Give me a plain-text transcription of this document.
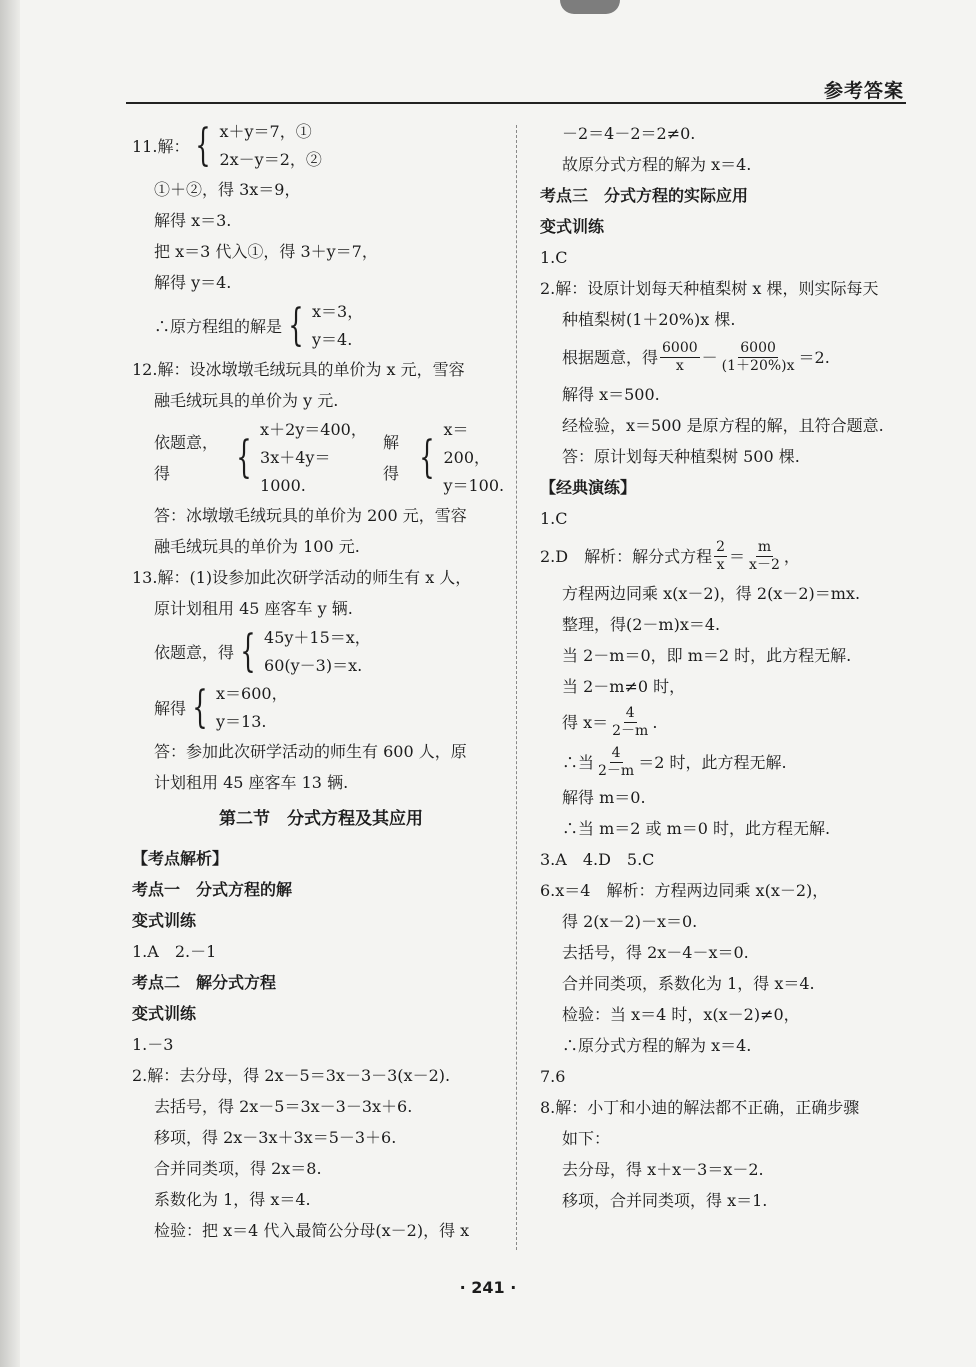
参考答案
11.解： { x＋y＝7，①
2x－y＝2，②
①＋②，得 3x＝9，
解得 x＝3.
把 x＝3 代入①，得 3＋y＝7，
解得 y＝4.
∴原方程组的解是 { x＝3，
y＝4.
12.解：设冰墩墩毛绒玩具的单价为 x 元，雪容
融毛绒玩具的单价为 y 元.
依题意，得	{
x＋2y＝400，
3x＋4y＝1000.
解得 {
x＝200，
y＝100.
答：冰墩墩毛绒玩具的单价为 200 元，雪容
融毛绒玩具的单价为 100 元.
13.解：(1)设参加此次研学活动的师生有 x 人，
原计划租用 45 座客车 y 辆.
依题意，得 { 45y＋15＝x，
60(y－3)＝x.
解得 { x＝600，
y＝13.
答：参加此次研学活动的师生有 600 人，原
计划租用 45 座客车 13 辆.
第二节　分式方程及其应用
【考点解析】
考点一　分式方程的解
变式训练
1.A　2.－1
考点二　解分式方程
变式训练
1.－3
2.解：去分母，得 2x－5＝3x－3－3(x－2).
去括号，得 2x－5＝3x－3－3x＋6.
移项，得 2x－3x＋3x＝5－3＋6.
合并同类项，得 2x＝8.
系数化为 1，得 x＝4.
检验：把 x＝4 代入最简公分母(x－2)，得 x
－2＝4－2＝2≠0.
故原分式方程的解为 x＝4.
考点三　分式方程的实际应用
变式训练
1.C
2.解：设原计划每天种植梨树 x 棵，则实际每天
种植梨树(1＋20%)x 棵.
根据题意，得 $\frac{6000}{x} - \frac{6000}{(1+20\%)x} =2$.
解得 x＝500.
经检验，x＝500 是原方程的解，且符合题意.
答：原计划每天种植梨树 500 棵.
【经典演练】
1.C
2.D　解析：解分式方程 $\frac{2}{x} = \frac{m}{x-2}$ ，
方程两边同乘 x(x－2)，得 2(x－2)＝mx.
整理，得(2－m)x＝4.
当 2－m＝0，即 m＝2 时，此方程无解.
当 2－m≠0 时，
得 $x= \frac{4}{2-m}$ .
∴当 $\frac{4}{2-m} =2$ 时，此方程无解.
解得 m＝0.
∴当 m＝2 或 m＝0 时，此方程无解.
3.A　4.D　5.C
6.x＝4　解析：方程两边同乘 x(x－2)，
得 2(x－2)－x＝0.
去括号，得 2x－4－x＝0.
合并同类项，系数化为 1，得 x＝4.
检验：当 x＝4 时，x(x－2)≠0，
∴原分式方程的解为 x＝4.
7.6
8.解：小丁和小迪的解法都不正确，正确步骤
如下：
去分母，得 x＋x－3＝x－2.
移项，合并同类项，得 x＝1.
· 241 ·
